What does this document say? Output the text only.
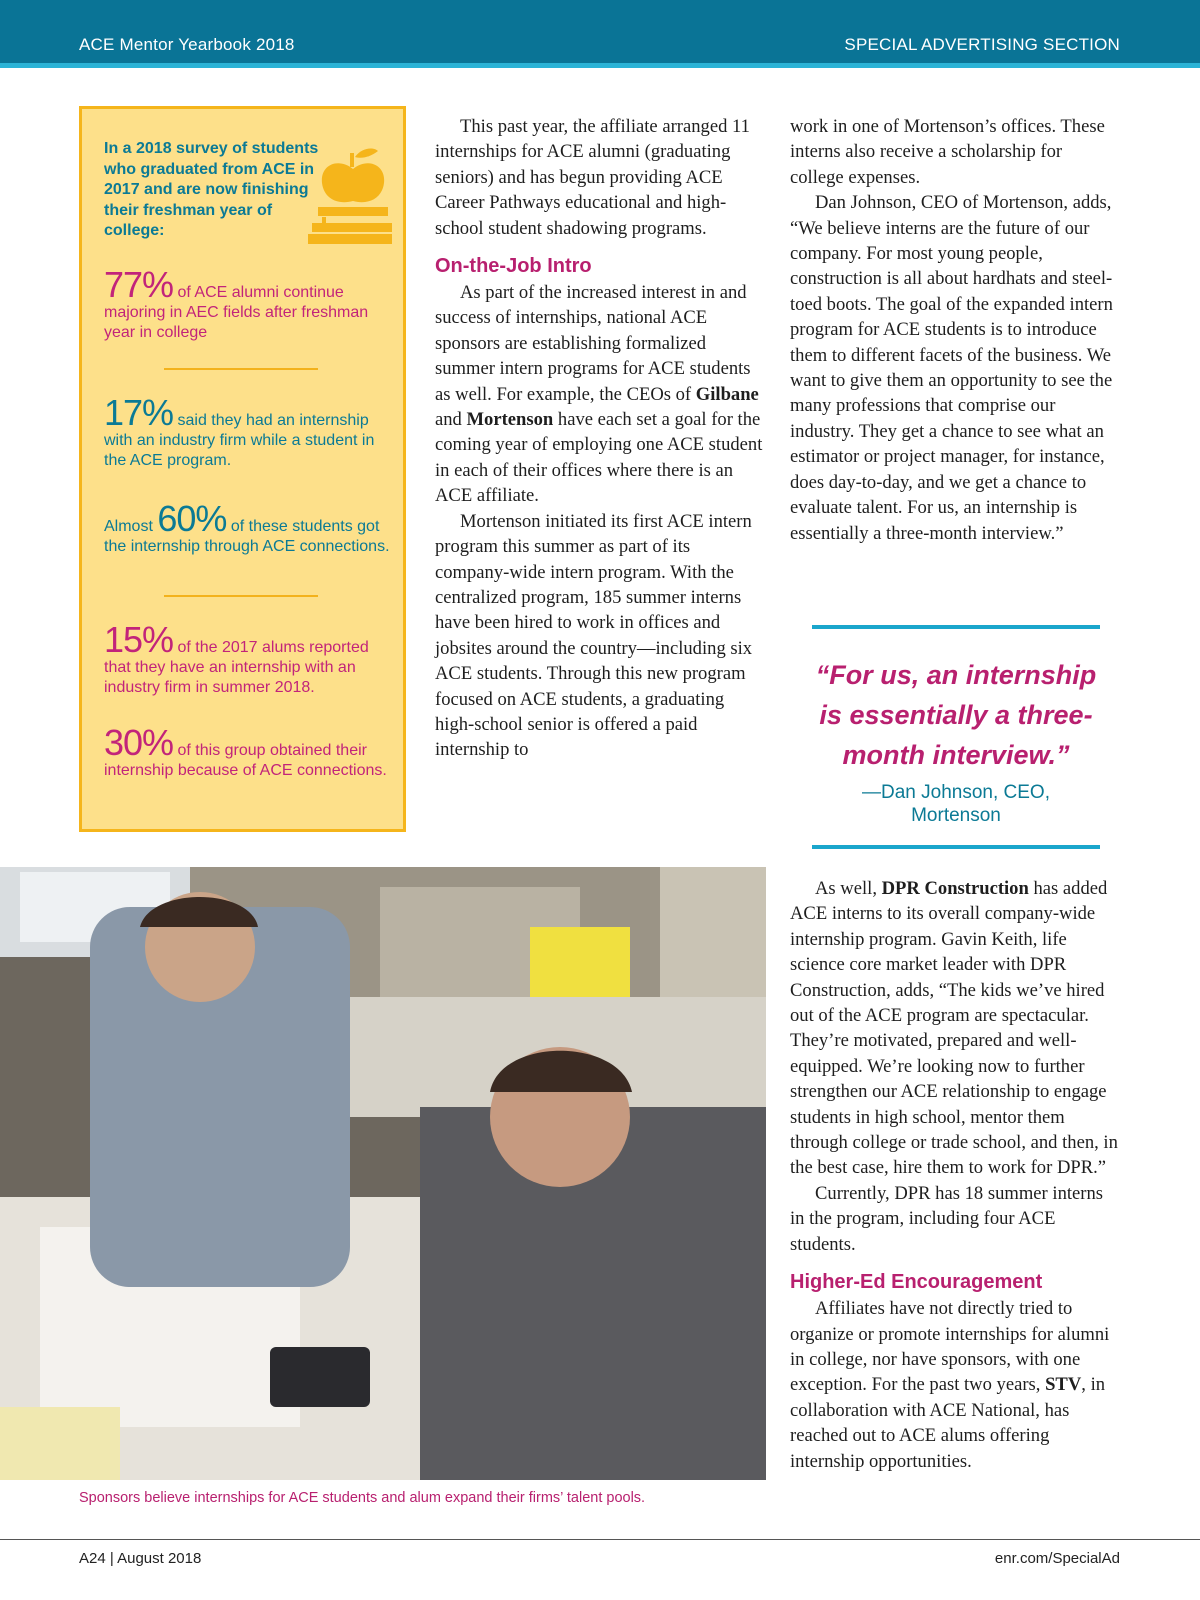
ACE Mentor Yearbook 2018	SPECIAL ADVERTISING SECTION
In a 2018 survey of students who graduated from ACE in 2017 and are now finishing their freshman year of college:
77% of ACE alumni continue majoring in AEC fields after freshman year in college
17% said they had an internship with an industry firm while a student in the ACE program.
Almost 60% of these students got the internship through ACE connections.
15% of the 2017 alums reported that they have an internship with an industry firm in summer 2018.
30% of this group obtained their internship because of ACE connections.

This past year, the affiliate arranged 11 internships for ACE alumni (graduating seniors) and has begun providing ACE Career Pathways educational and high-school student shadowing programs.

On-the-Job Intro

As part of the increased interest in and success of internships, national ACE sponsors are establishing formalized summer intern programs for ACE students as well. For example, the CEOs of Gilbane and Mortenson have each set a goal for the coming year of employing one ACE student in each of their offices where there is an ACE affiliate.

Mortenson initiated its first ACE intern program this summer as part of its company-wide intern program. With the centralized program, 185 summer interns have been hired to work in offices and jobsites around the country—including six ACE students. Through this new program focused on ACE students, a graduating high-school senior is offered a paid internship to

work in one of Mortenson’s offices. These interns also receive a scholarship for college expenses.

Dan Johnson, CEO of Mortenson, adds, “We believe interns are the future of our company. For most young people, construction is all about hardhats and steel-toed boots. The goal of the expanded intern program for ACE students is to introduce them to different facets of the business. We want to give them an opportunity to see the many professions that comprise our industry. They get a chance to see what an estimator or project manager, for instance, does day-to-day, and we get a chance to evaluate talent. For us, an internship is essentially a three-month interview.”

“For us, an internship is essentially a three-month interview.”
—Dan Johnson, CEO,
Mortenson
Sponsors believe internships for ACE students and alum expand their firms’ talent pools.

As well, DPR Construction has added ACE interns to its overall company-wide internship program. Gavin Keith, life science core market leader with DPR Construction, adds, “The kids we’ve hired out of the ACE program are spectacular. They’re motivated, prepared and well-equipped. We’re looking now to further strengthen our ACE relationship to engage students in high school, mentor them through college or trade school, and then, in the best case, hire them to work for DPR.”

Currently, DPR has 18 summer interns in the program, including four ACE students.

Higher-Ed Encouragement

Affiliates have not directly tried to organize or promote internships for alumni in college, nor have sponsors, with one exception. For the past two years, STV, in collaboration with ACE National, has reached out to ACE alums offering internship opportunities.

A24 | August 2018	enr.com/SpecialAd
